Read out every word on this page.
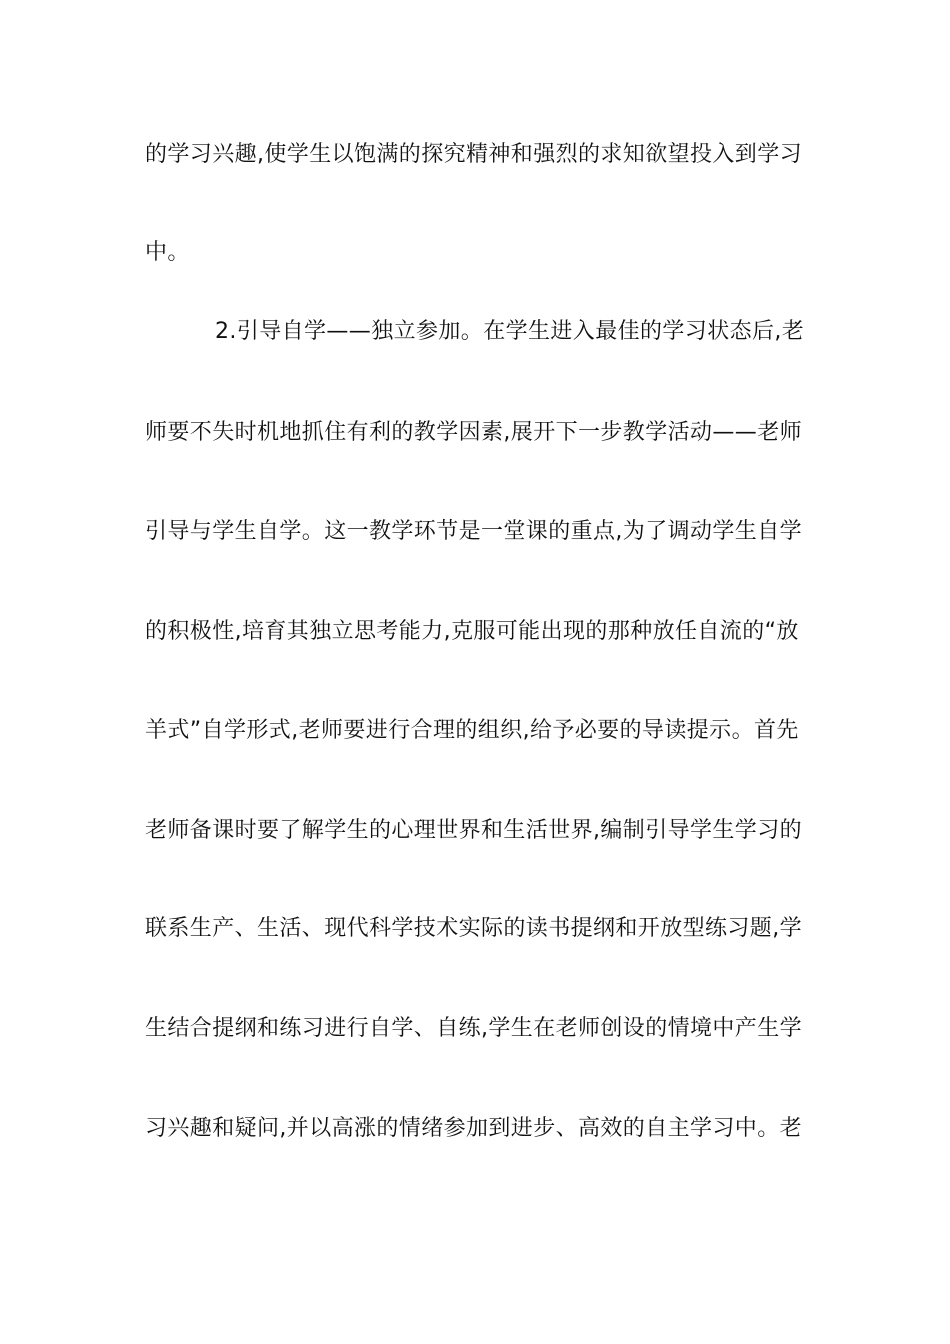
的学习兴趣,使学生以饱满的探究精神和强烈的求知欲望投入到学习
中。
2.引导自学——独立参加。在学生进入最佳的学习状态后,老
师要不失时机地抓住有利的教学因素,展开下一步教学活动——老师
引导与学生自学。这一教学环节是一堂课的重点,为了调动学生自学
的积极性,培育其独立思考能力,克服可能出现的那种放任自流的“放
羊式”自学形式,老师要进行合理的组织,给予必要的导读提示。首先
老师备课时要了解学生的心理世界和生活世界,编制引导学生学习的
联系生产、生活、现代科学技术实际的读书提纲和开放型练习题,学
生结合提纲和练习进行自学、自练,学生在老师创设的情境中产生学
习兴趣和疑问,并以高涨的情绪参加到进步、高效的自主学习中。老
